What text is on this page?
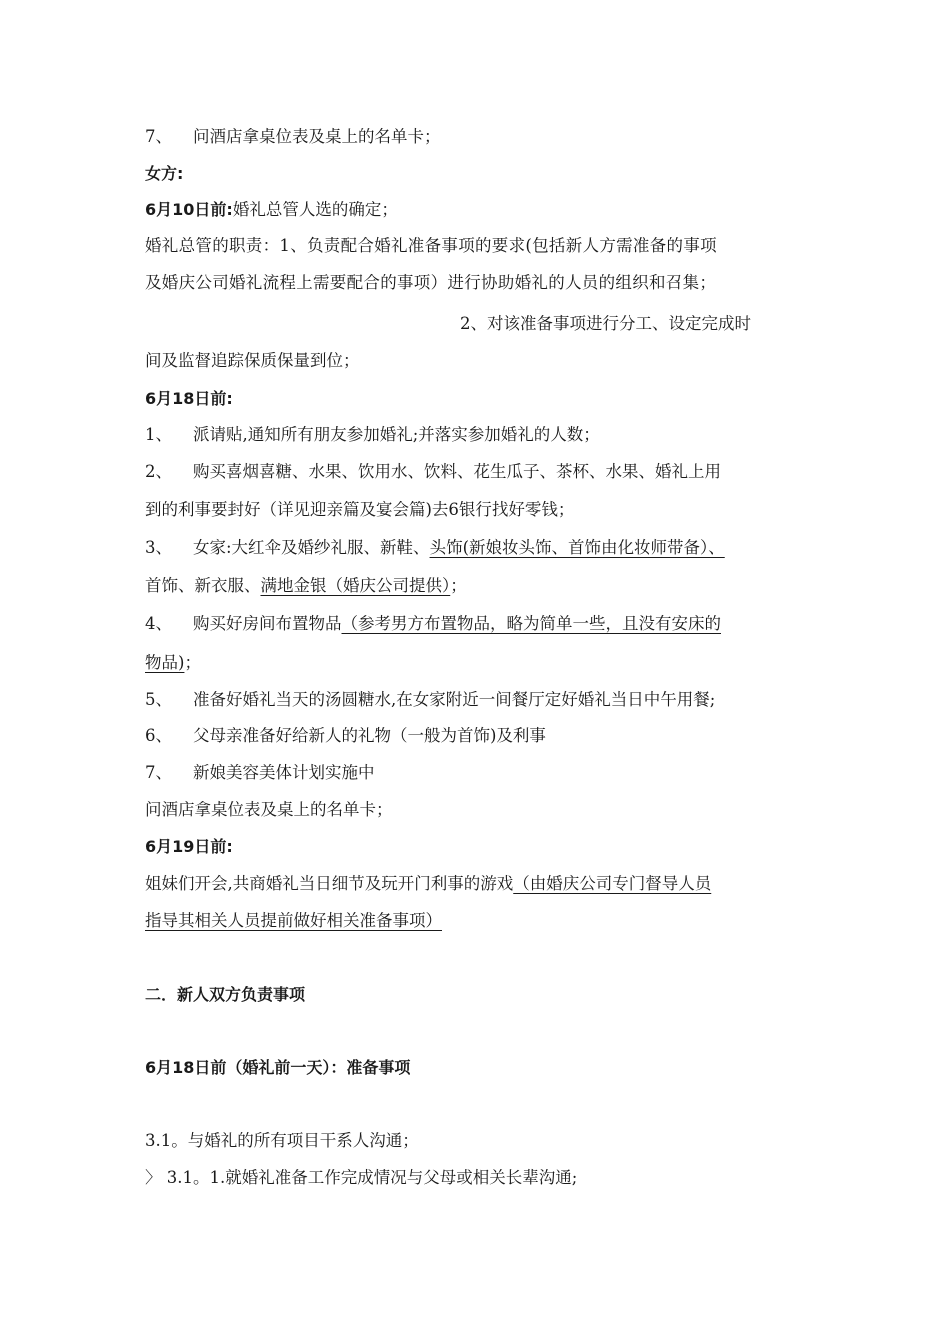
7、 问酒店拿桌位表及桌上的名单卡；
女方:
6月10日前:婚礼总管人选的确定；
婚礼总管的职责：1、负责配合婚礼准备事项的要求(包括新人方需准备的事项
及婚庆公司婚礼流程上需要配合的事项）进行协助婚礼的人员的组织和召集；
2、对该准备事项进行分工、设定完成时
间及监督追踪保质保量到位；
6月18日前:
1、 派请贴,通知所有朋友参加婚礼;并落实参加婚礼的人数；
2、 购买喜烟喜糖、水果、饮用水、饮料、花生瓜子、茶杯、水果、婚礼上用
到的利事要封好（详见迎亲篇及宴会篇)去6银行找好零钱；
3、 女家:大红伞及婚纱礼服、新鞋、头饰(新娘妆头饰、首饰由化妆师带备）、
首饰、新衣服、满地金银（婚庆公司提供）；
4、 购买好房间布置物品（参考男方布置物品，略为简单一些，且没有安床的
物品)；
5、 准备好婚礼当天的汤圆糖水,在女家附近一间餐厅定好婚礼当日中午用餐;
6、 父母亲准备好给新人的礼物（一般为首饰)及利事
7、 新娘美容美体计划实施中
问酒店拿桌位表及桌上的名单卡；
6月19日前:
姐妹们开会,共商婚礼当日细节及玩开门利事的游戏（由婚庆公司专门督导人员
指导其相关人员提前做好相关准备事项）
二．新人双方负责事项
6月18日前（婚礼前一天）：准备事项
3.1。与婚礼的所有项目干系人沟通；
〉 3.1。1.就婚礼准备工作完成情况与父母或相关长辈沟通;
